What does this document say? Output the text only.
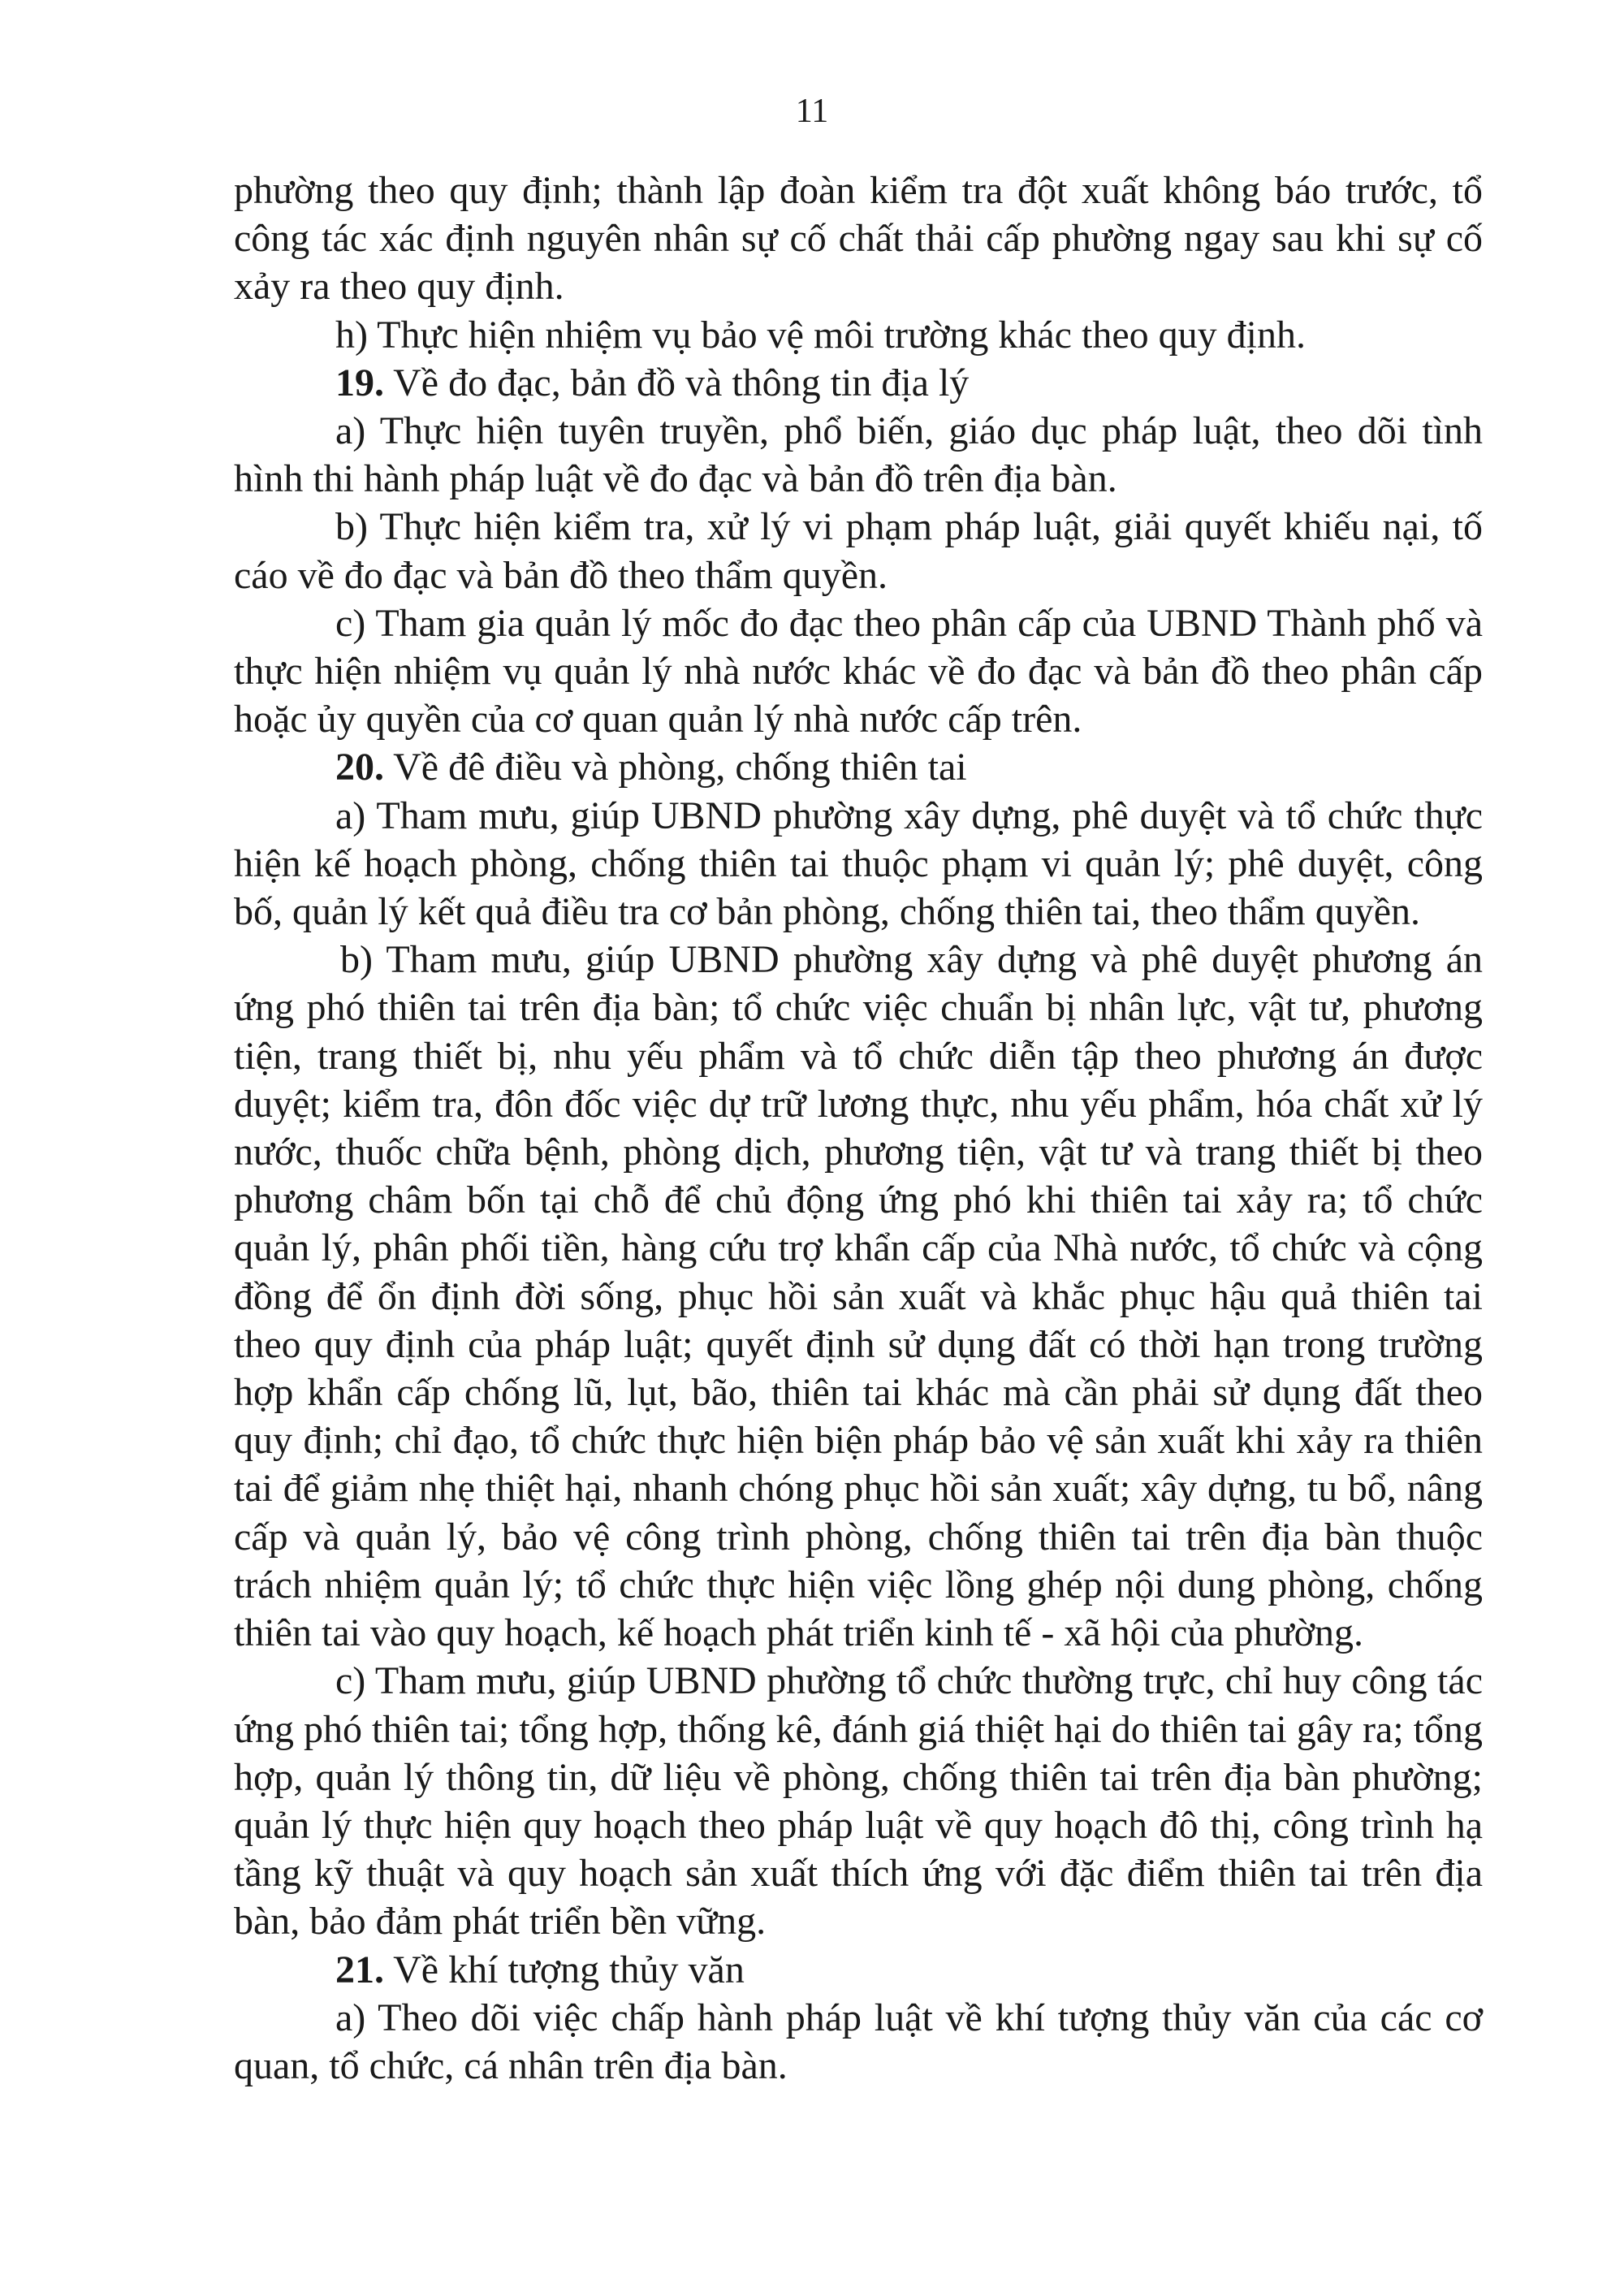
11

phường theo quy định; thành lập đoàn kiểm tra đột xuất không báo trước, tổ công tác xác định nguyên nhân sự cố chất thải cấp phường ngay sau khi sự cố xảy ra theo quy định.

h) Thực hiện nhiệm vụ bảo vệ môi trường khác theo quy định.

19. Về đo đạc, bản đồ và thông tin địa lý

a) Thực hiện tuyên truyền, phổ biến, giáo dục pháp luật, theo dõi tình hình thi hành pháp luật về đo đạc và bản đồ trên địa bàn.

b) Thực hiện kiểm tra, xử lý vi phạm pháp luật, giải quyết khiếu nại, tố cáo về đo đạc và bản đồ theo thẩm quyền.

c) Tham gia quản lý mốc đo đạc theo phân cấp của UBND Thành phố và thực hiện nhiệm vụ quản lý nhà nước khác về đo đạc và bản đồ theo phân cấp hoặc ủy quyền của cơ quan quản lý nhà nước cấp trên.

20. Về đê điều và phòng, chống thiên tai

a) Tham mưu, giúp UBND phường xây dựng, phê duyệt và tổ chức thực hiện kế hoạch phòng, chống thiên tai thuộc phạm vi quản lý; phê duyệt, công bố, quản lý kết quả điều tra cơ bản phòng, chống thiên tai, theo thẩm quyền.

b) Tham mưu, giúp UBND phường xây dựng và phê duyệt phương án ứng phó thiên tai trên địa bàn; tổ chức việc chuẩn bị nhân lực, vật tư, phương tiện, trang thiết bị, nhu yếu phẩm và tổ chức diễn tập theo phương án được duyệt; kiểm tra, đôn đốc việc dự trữ lương thực, nhu yếu phẩm, hóa chất xử lý nước, thuốc chữa bệnh, phòng dịch, phương tiện, vật tư và trang thiết bị theo phương châm bốn tại chỗ để chủ động ứng phó khi thiên tai xảy ra; tổ chức quản lý, phân phối tiền, hàng cứu trợ khẩn cấp của Nhà nước, tổ chức và cộng đồng để ổn định đời sống, phục hồi sản xuất và khắc phục hậu quả thiên tai theo quy định của pháp luật; quyết định sử dụng đất có thời hạn trong trường hợp khẩn cấp chống lũ, lụt, bão, thiên tai khác mà cần phải sử dụng đất theo quy định; chỉ đạo, tổ chức thực hiện biện pháp bảo vệ sản xuất khi xảy ra thiên tai để giảm nhẹ thiệt hại, nhanh chóng phục hồi sản xuất; xây dựng, tu bổ, nâng cấp và quản lý, bảo vệ công trình phòng, chống thiên tai trên địa bàn thuộc trách nhiệm quản lý; tổ chức thực hiện việc lồng ghép nội dung phòng, chống thiên tai vào quy hoạch, kế hoạch phát triển kinh tế - xã hội của phường.

c) Tham mưu, giúp UBND phường tổ chức thường trực, chỉ huy công tác ứng phó thiên tai; tổng hợp, thống kê, đánh giá thiệt hại do thiên tai gây ra; tổng hợp, quản lý thông tin, dữ liệu về phòng, chống thiên tai trên địa bàn phường; quản lý thực hiện quy hoạch theo pháp luật về quy hoạch đô thị, công trình hạ tầng kỹ thuật và quy hoạch sản xuất thích ứng với đặc điểm thiên tai trên địa bàn, bảo đảm phát triển bền vững.

21. Về khí tượng thủy văn

a) Theo dõi việc chấp hành pháp luật về khí tượng thủy văn của các cơ quan, tổ chức, cá nhân trên địa bàn.
